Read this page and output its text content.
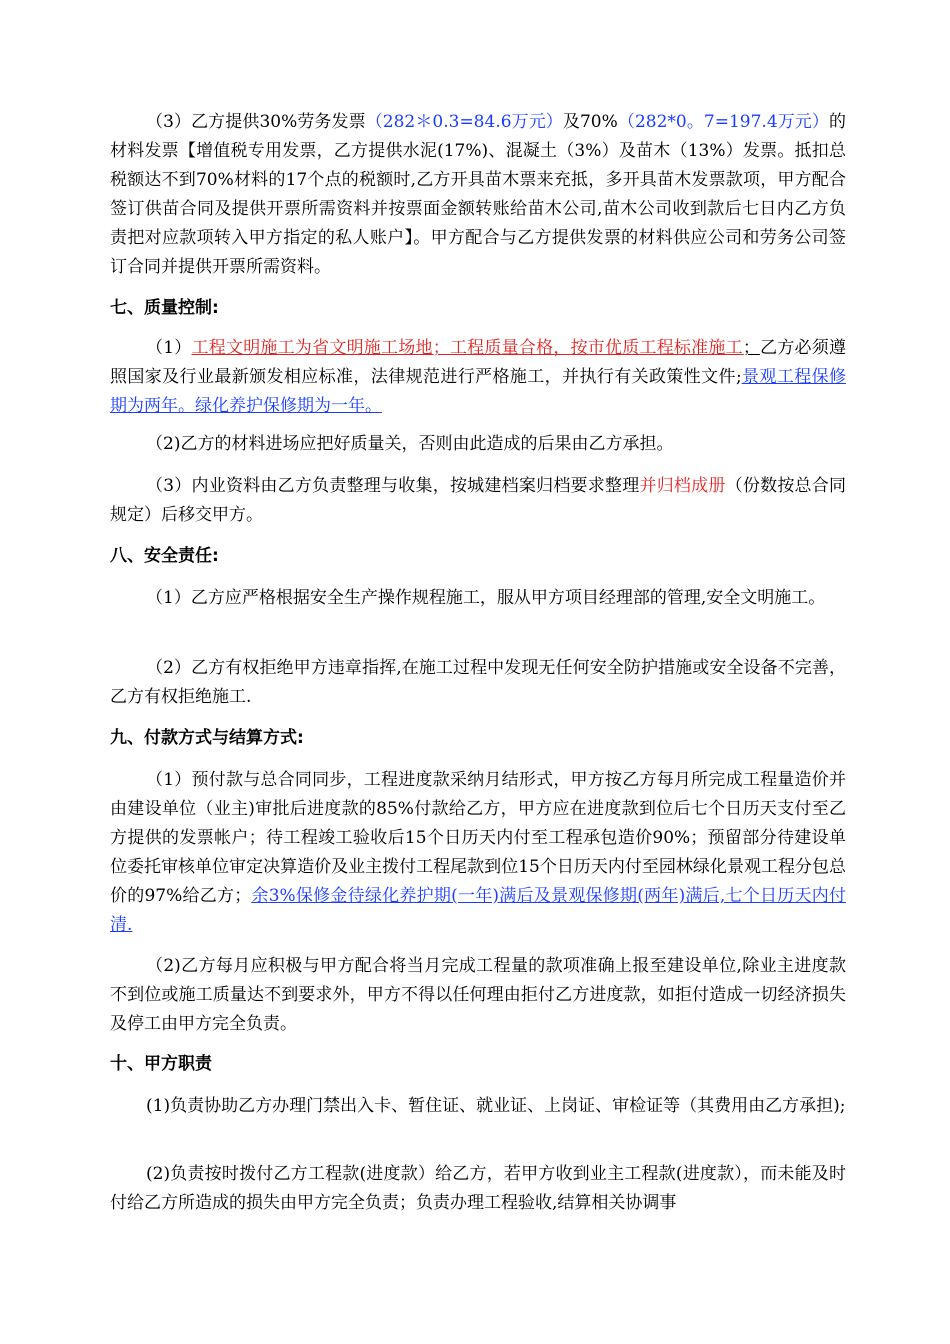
（3）乙方提供30%劳务发票（282＊0.3=84.6万元）及70%（282*0。7=197.4万元）的材料发票【增值税专用发票，乙方提供水泥(17%)、混凝土（3%）及苗木（13%）发票。抵扣总税额达不到70%材料的17个点的税额时,乙方开具苗木票来充抵，多开具苗木发票款项，甲方配合签订供苗合同及提供开票所需资料并按票面金额转账给苗木公司,苗木公司收到款后七日内乙方负责把对应款项转入甲方指定的私人账户】。甲方配合与乙方提供发票的材料供应公司和劳务公司签订合同并提供开票所需资料。

七、质量控制:

（1）工程文明施工为省文明施工场地；工程质量合格，按市优质工程标准施工；乙方必须遵照国家及行业最新颁发相应标准，法律规范进行严格施工，并执行有关政策性文件;景观工程保修期为两年。绿化养护保修期为一年。

（2)乙方的材料进场应把好质量关，否则由此造成的后果由乙方承担。

（3）内业资料由乙方负责整理与收集，按城建档案归档要求整理并归档成册（份数按总合同规定）后移交甲方。

八、安全责任:

（1）乙方应严格根据安全生产操作规程施工，服从甲方项目经理部的管理,安全文明施工。

（2）乙方有权拒绝甲方违章指挥,在施工过程中发现无任何安全防护措施或安全设备不完善，乙方有权拒绝施工.

九、付款方式与结算方式:

（1）预付款与总合同同步，工程进度款采纳月结形式，甲方按乙方每月所完成工程量造价并由建设单位（业主)审批后进度款的85%付款给乙方，甲方应在进度款到位后七个日历天支付至乙方提供的发票帐户；待工程竣工验收后15个日历天内付至工程承包造价90%；预留部分待建设单位委托审核单位审定决算造价及业主拨付工程尾款到位15个日历天内付至园林绿化景观工程分包总价的97%给乙方；余3%保修金待绿化养护期(一年)满后及景观保修期(两年)满后,七个日历天内付清.

（2)乙方每月应积极与甲方配合将当月完成工程量的款项准确上报至建设单位,除业主进度款不到位或施工质量达不到要求外，甲方不得以任何理由拒付乙方进度款，如拒付造成一切经济损失及停工由甲方完全负责。

十、甲方职责

(1)负责协助乙方办理门禁出入卡、暂住证、就业证、上岗证、审检证等（其费用由乙方承担);

(2)负责按时拨付乙方工程款(进度款）给乙方，若甲方收到业主工程款(进度款），而未能及时付给乙方所造成的损失由甲方完全负责；负责办理工程验收,结算相关协调事
